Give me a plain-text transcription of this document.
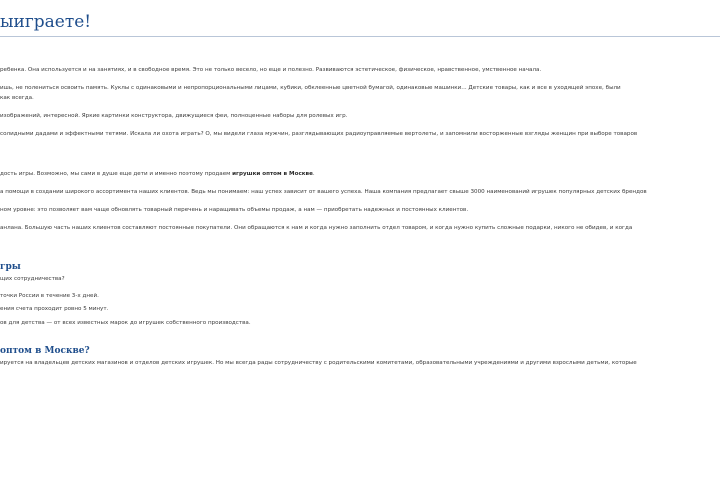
ыиграете!

ребенка. Она используется и на занятиях, и в свободное время. Это не только весело, но еще и полезно. Развиваются эстетическое, физическое, нравственное, умственное начала.

ишь, не полениться освоить память. Куклы с одинаковыми и непропорциональными лицами, кубики, обклеенные цветной бумагой, одинаковые машинки... Детские товары, как и все в уходящей эпохе, были

как всегда.

изображений, интересной. Яркие картинки конструктора, движущиеся феи, полноценные наборы для ролевых игр.

солидными дадами и эффектными тетями. Искала ли охота играть? О, мы видели глаза мужчин, разглядывающих радиоуправляемые вертолеты, и запомнили восторженные взгляды женщин при выборе товаров

дость игры. Возможно, мы сами в душе еще дети и именно поэтому продаем игрушки оптом в Москве.

а помощи в создании широкого ассортимента наших клиентов. Ведь мы понимаем: наш успех зависит от вашего успеха. Наша компания предлагает свыше 3000 наименований игрушек популярных детских брендов

ном уровне: это позволяет вам чаще обновлять товарный перечень и наращивать объемы продаж, а нам — приобретать надежных и постоянных клиентов.

анлана. Большую часть наших клиентов составляют постоянные покупатели. Они обращаются к нам и когда нужно заполнить отдел товаром, и когда нужно купить сложные подарки, никого не обидев, и когда

гры

щих сотрудничества?

точки России в течение 3-х дней.

ения счета проходит ровно 5 минут.

ов для детства — от всех известных марок до игрушек собственного производства.

оптом в Москве?

ируется на владельцев детских магазинов и отделов детских игрушек. Но мы всегда рады сотрудничеству с родительскими комитетами, образовательными учреждениями и другими взрослыми детьми, которые
